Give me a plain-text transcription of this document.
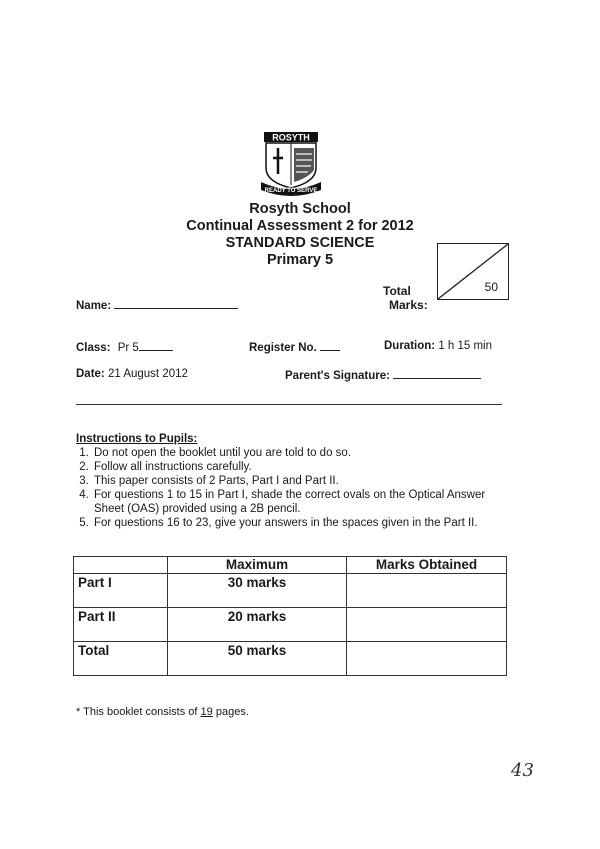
ROSYTH
READY TO SERVE
Rosyth School
Continual Assessment 2 for 2012
STANDARD SCIENCE
Primary 5
Total
Marks:
50
Name:
Class: Pr 5	Register No.	Duration: 1 h 15 min
Date: 21 August 2012	Parent's Signature:
Instructions to Pupils:
1. Do not open the booklet until you are told to do so.
2. Follow all instructions carefully.
3. This paper consists of 2 Parts, Part I and Part II.
4. For questions 1 to 15 in Part I, shade the correct ovals on the Optical Answer Sheet (OAS) provided using a 2B pencil.
5. For questions 16 to 23, give your answers in the spaces given in the Part II.
	Maximum	Marks Obtained
Part I	30 marks	
Part II	20 marks	
Total	50 marks	
* This booklet consists of 19 pages.
43
